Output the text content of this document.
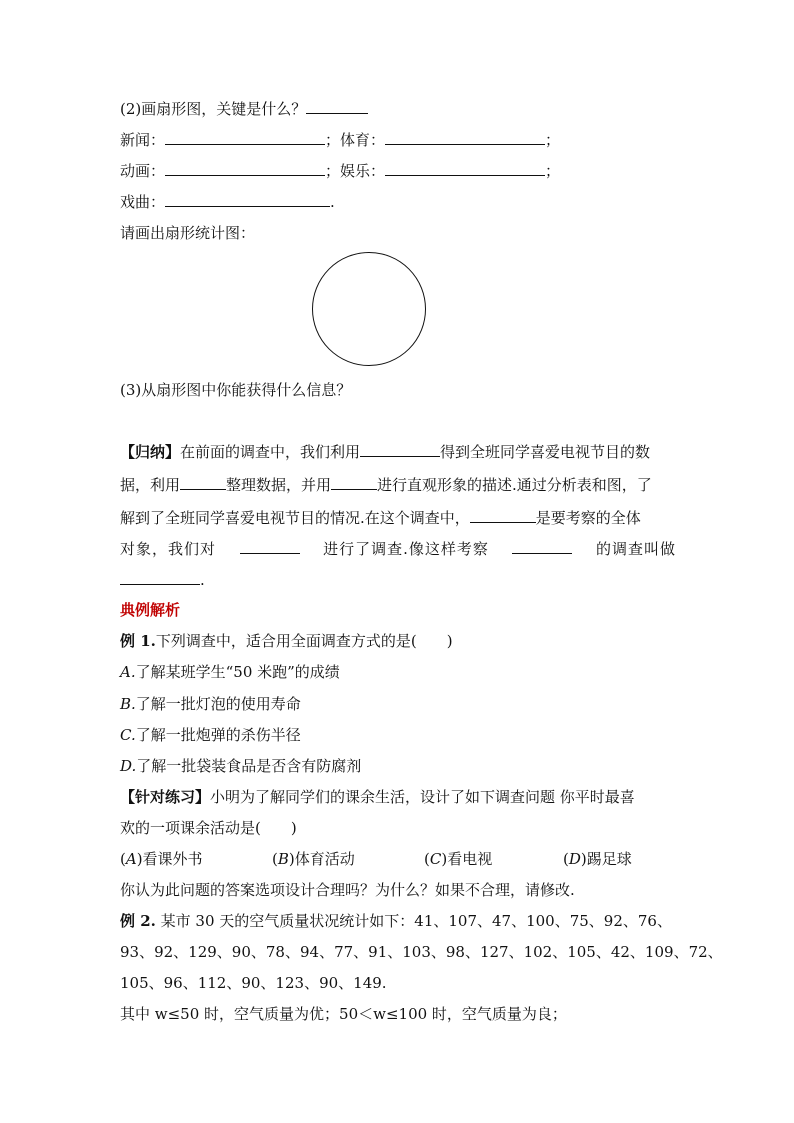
(2)画扇形图，关键是什么？
新闻：	；体育：	；
动画：	；娱乐：	；
戏曲：	.
请画出扇形统计图：
(3)从扇形图中你能获得什么信息？
【归纳】在前面的调查中，我们利用	得到全班同学喜爱电视节目的数
据，利用	整理数据，并用	进行直观形象的描述.通过分析表和图，了
解到了全班同学喜爱电视节目的情况.在这个调查中，	是要考察的全体
对象，我们对	进行了调查.像这样考察	的调查叫做
.
典例解析
例 1.下列调查中，适合用全面调查方式的是(　　)
A.了解某班学生“50 米跑”的成绩
B.了解一批灯泡的使用寿命
C.了解一批炮弹的杀伤半径
D.了解一批袋装食品是否含有防腐剂
【针对练习】小明为了解同学们的课余生活，设计了如下调查问题 你平时最喜
欢的一项课余活动是(　　)
(A)看课外书	(B)体育活动	(C)看电视	(D)踢足球
你认为此问题的答案选项设计合理吗？为什么？如果不合理，请修改.
例 2. 某市 30 天的空气质量状况统计如下：41、107、47、100、75、92、76、
93、92、129、90、78、94、77、91、103、98、127、102、105、42、109、72、
105、96、112、90、123、90、149.
其中 w≤50 时，空气质量为优；50＜w≤100 时，空气质量为良；
